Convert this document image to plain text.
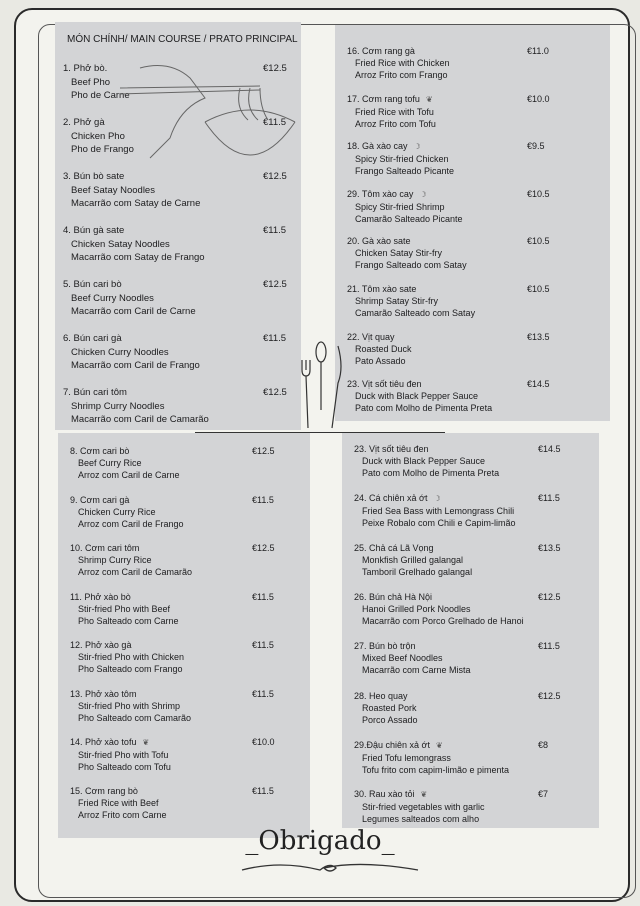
MÓN CHÍNH/ MAIN COURSE / PRATO PRINCIPAL
1. Phở bò.
Beef Pho
Pho de Carne
€12.5
2. Phở gà
Chicken Pho
Pho de Frango
€11.5
3. Bún bò sate
Beef Satay Noodles
Macarrão com Satay de Carne
€12.5
4. Bún gà sate
Chicken Satay Noodles
Macarrão com Satay de Frango
€11.5
5. Bún cari bò
Beef Curry Noodles
Macarrão com Caril de Carne
€12.5
6. Bún cari gà
Chicken Curry Noodles
Macarrão com Caril de Frango
€11.5
7. Bún cari tôm
Shrimp Curry Noodles
Macarrão com Caril de Camarão
€12.5
16. Cơm rang gà
Fried Rice with Chicken
Arroz Frito com Frango
€11.0
17. Cơm rang tofu ❦
Fried Rice with Tofu
Arroz Frito com Tofu
€10.0
18. Gà xào cay ☽
Spicy Stir-fried Chicken
Frango Salteado Picante
€9.5
29. Tôm xào cay ☽
Spicy Stir-fried Shrimp
Camarão Salteado Picante
€10.5
20. Gà xào sate
Chicken Satay Stir-fry
Frango Salteado com Satay
€10.5
21. Tôm xào sate
Shrimp Satay Stir-fry
Camarão Salteado com Satay
€10.5
22. Vịt quay
Roasted Duck
Pato Assado
€13.5
23. Vịt sốt tiêu đen
Duck with Black Pepper Sauce
Pato com Molho de Pimenta Preta
€14.5
8. Cơm cari bò
Beef Curry Rice
Arroz com Caril de Carne
€12.5
9. Cơm cari gà
Chicken Curry Rice
Arroz com Caril de Frango
€11.5
10. Cơm cari tôm
Shrimp Curry Rice
Arroz com Caril de Camarão
€12.5
11. Phở xào bò
Stir-fried Pho with Beef
Pho Salteado com Carne
€11.5
12. Phở xào gà
Stir-fried Pho with Chicken
Pho Salteado com Frango
€11.5
13. Phở xào tôm
Stir-fried Pho with Shrimp
Pho Salteado com Camarão
€11.5
14. Phở xào tofu ❦
Stir-fried Pho with Tofu
Pho Salteado com Tofu
€10.0
15. Cơm rang bò
Fried Rice with Beef
Arroz Frito com Carne
€11.5
23. Vịt sốt tiêu đen
Duck with Black Pepper Sauce
Pato com Molho de Pimenta Preta
€14.5
24. Cá chiên xả ớt ☽
Fried Sea Bass with Lemongrass Chili
Peixe Robalo com Chili e Capim-limão
€11.5
25. Chả cá Lã Vọng
Monkfish Grilled galangal
Tamboril Grelhado galangal
€13.5
26. Bún chả Hà Nội
Hanoi Grilled Pork Noodles
Macarrão com Porco Grelhado de Hanoi
€12.5
27. Bún bò trộn
Mixed Beef Noodles
Macarrão com Carne Mista
€11.5
28. Heo quay
Roasted Pork
Porco Assado
€12.5
29.Đậu chiên xả ớt ❦
Fried Tofu lemongrass
Tofu frito com capim-limão e pimenta
€8
30. Rau xào tỏi ❦
Stir-fried vegetables with garlic
Legumes salteados com alho
€7
_Obrigado_
